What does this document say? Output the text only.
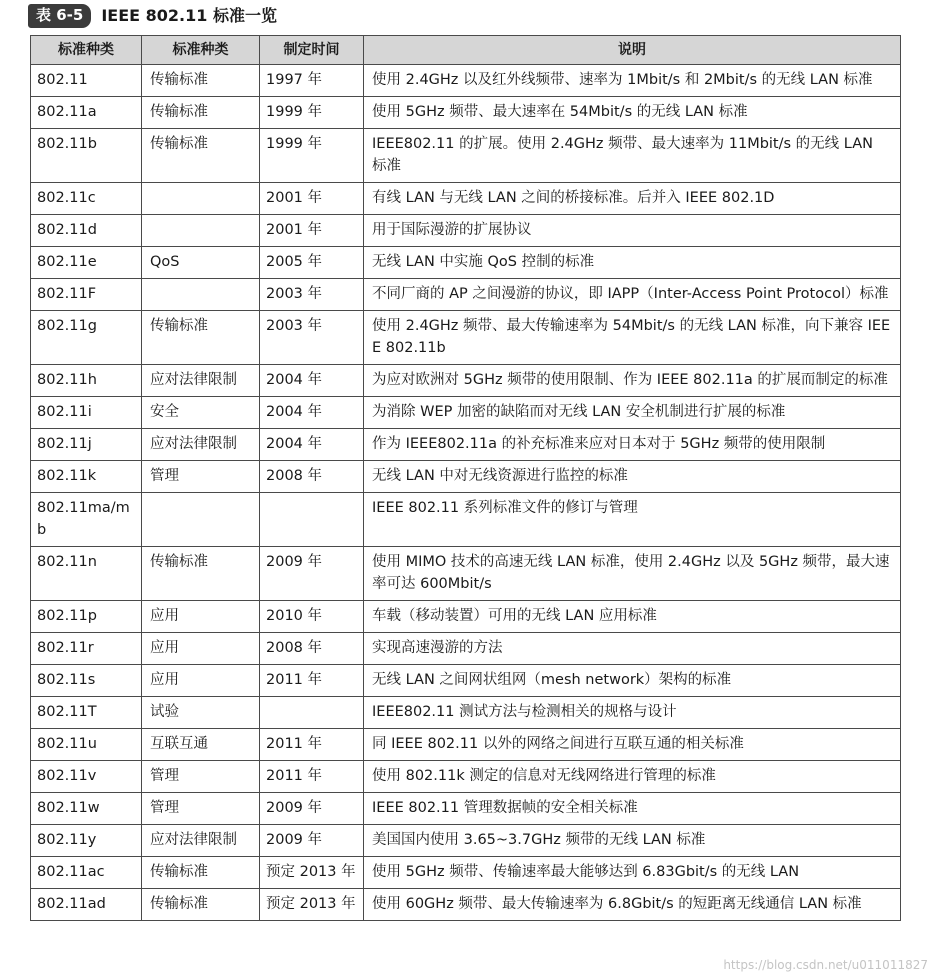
表 6-5	IEEE 802.11 标准一览
标准种类	标准种类	制定时间	说明
802.11	传输标准	1997 年	使用 2.4GHz 以及红外线频带、速率为 1Mbit/s 和 2Mbit/s 的无线 LAN 标准
802.11a	传输标准	1999 年	使用 5GHz 频带、最大速率在 54Mbit/s 的无线 LAN 标准
802.11b	传输标准	1999 年	IEEE802.11 的扩展。使用 2.4GHz 频带、最大速率为 11Mbit/s 的无线 LAN 标准
802.11c		2001 年	有线 LAN 与无线 LAN 之间的桥接标准。后并入 IEEE 802.1D
802.11d		2001 年	用于国际漫游的扩展协议
802.11e	QoS	2005 年	无线 LAN 中实施 QoS 控制的标准
802.11F		2003 年	不同厂商的 AP 之间漫游的协议，即 IAPP（Inter-Access Point Protocol）标准
802.11g	传输标准	2003 年	使用 2.4GHz 频带、最大传输速率为 54Mbit/s 的无线 LAN 标准，向下兼容 IEEE 802.11b
802.11h	应对法律限制	2004 年	为应对欧洲对 5GHz 频带的使用限制、作为 IEEE 802.11a 的扩展而制定的标准
802.11i	安全	2004 年	为消除 WEP 加密的缺陷而对无线 LAN 安全机制进行扩展的标准
802.11j	应对法律限制	2004 年	作为 IEEE802.11a 的补充标准来应对日本对于 5GHz 频带的使用限制
802.11k	管理	2008 年	无线 LAN 中对无线资源进行监控的标准
802.11ma/mb			IEEE 802.11 系列标准文件的修订与管理
802.11n	传输标准	2009 年	使用 MIMO 技术的高速无线 LAN 标准，使用 2.4GHz 以及 5GHz 频带，最大速率可达 600Mbit/s
802.11p	应用	2010 年	车载（移动装置）可用的无线 LAN 应用标准
802.11r	应用	2008 年	实现高速漫游的方法
802.11s	应用	2011 年	无线 LAN 之间网状组网（mesh network）架构的标准
802.11T	试验		IEEE802.11 测试方法与检测相关的规格与设计
802.11u	互联互通	2011 年	同 IEEE 802.11 以外的网络之间进行互联互通的相关标准
802.11v	管理	2011 年	使用 802.11k 测定的信息对无线网络进行管理的标准
802.11w	管理	2009 年	IEEE 802.11 管理数据帧的安全相关标准
802.11y	应对法律限制	2009 年	美国国内使用 3.65~3.7GHz 频带的无线 LAN 标准
802.11ac	传输标准	预定 2013 年	使用 5GHz 频带、传输速率最大能够达到 6.83Gbit/s 的无线 LAN
802.11ad	传输标准	预定 2013 年	使用 60GHz 频带、最大传输速率为 6.8Gbit/s 的短距离无线通信 LAN 标准
https://blog.csdn.net/u011011827
